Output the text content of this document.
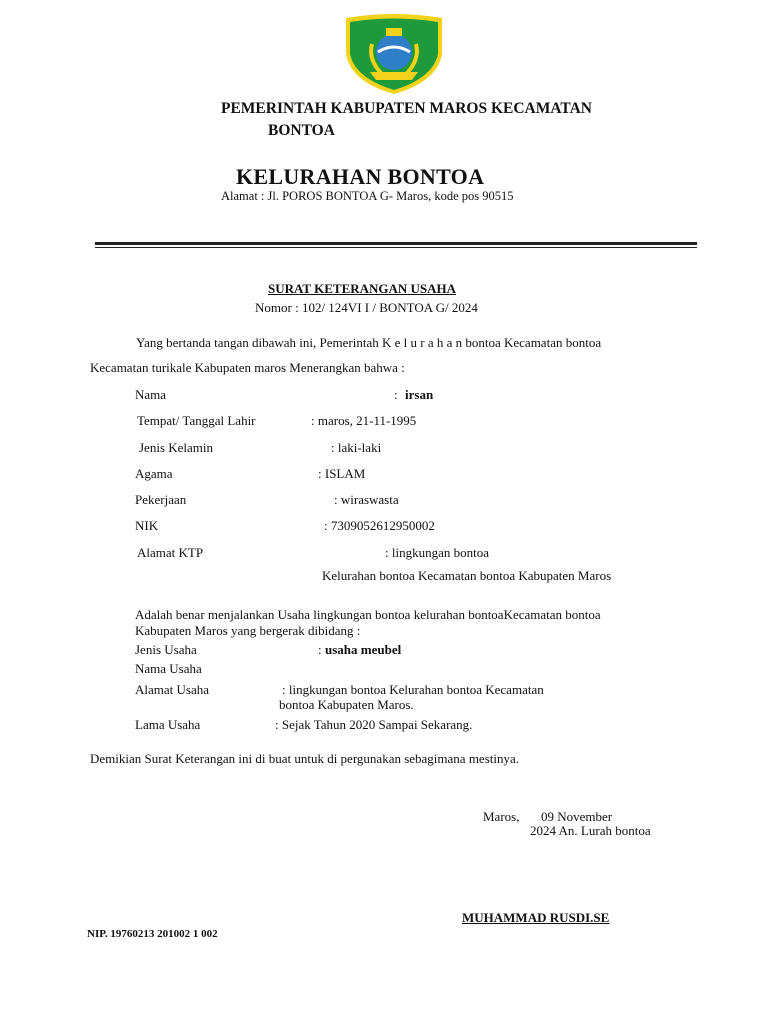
PEMERINTAH KABUPATEN MAROS KECAMATAN
BONTOA
KELURAHAN BONTOA
Alamat : Jl. POROS BONTOA G- Maros, kode pos 90515
SURAT KETERANGAN USAHA
Nomor : 102/ 124VI I / BONTOA G/ 2024
Yang bertanda tangan dibawah ini, Pemerintah K e l u r a h a n bontoa Kecamatan bontoa
Kecamatan turikale Kabupaten maros Menerangkan bahwa :
Nama	: irsan
Tempat/ Tanggal Lahir	: maros, 21-11-1995
Jenis Kelamin	: laki-laki
Agama	: ISLAM
Pekerjaan	: wiraswasta
NIK	: 7309052612950002
Alamat KTP	: lingkungan bontoa
Kelurahan bontoa Kecamatan bontoa Kabupaten Maros
Adalah benar menjalankan Usaha lingkungan bontoa kelurahan bontoaKecamatan bontoa
Kabupaten Maros yang bergerak dibidang :
Jenis Usaha	: usaha meubel
Nama Usaha
Alamat Usaha	: lingkungan bontoa Kelurahan bontoa Kecamatan
bontoa Kabupaten Maros.
Lama Usaha	: Sejak Tahun 2020 Sampai Sekarang.
Demikian Surat Keterangan ini di buat untuk di pergunakan sebagimana mestinya.
Maros, 09 November
2024 An. Lurah bontoa
MUHAMMAD RUSDI.SE
NIP. 19760213 201002 1 002
